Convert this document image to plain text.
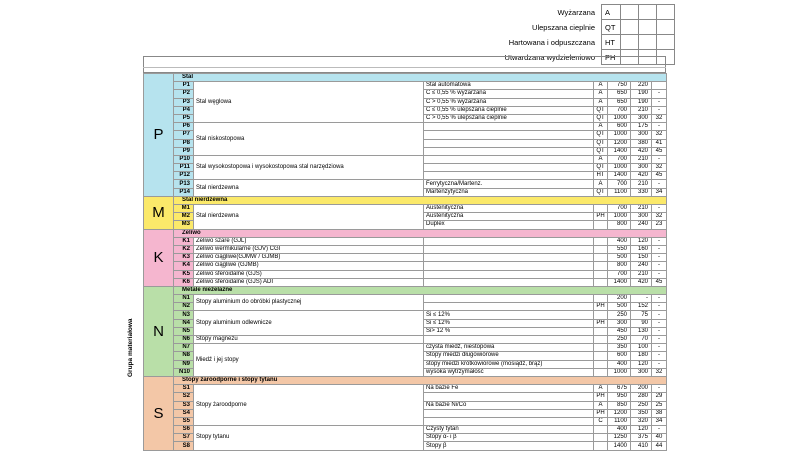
Wyżarzana	A			
Ulepszana cieplnie	QT			
Hartowana i odpuszczana	HT			
Utwardzana wydzieleniowo	PH			
Grupa materiałowa
P	Stal						
	P1	Stal węglowa	Stal automatowa	A	750	220	
	P2		C ≤ 0,55 % wyżarzana	A	650	190	-
	P3		C > 0,55 % wyżarzana	A	650	190	-
	P4		C ≤ 0,55 % ulepszana cieplnie	QT	700	210	-
	P5		C > 0,55 % ulepszana cieplnie	QT	1000	300	32
	P6	Stal niskostopowa		A	600	175	-
	P7			QT	1000	300	32
	P8			QT	1200	380	41
	P9			QT	1400	420	45
	P10	Stal wysokostopowa i wysokostopowa stal narzędziowa		A	700	210	-
	P11			QT	1000	300	32
	P12			HT	1400	420	45
	P13	Stal nierdzewna	Ferrytyczna/Martenz.	A	700	210	-
	P14		Martenzytyczna	QT	1100	330	34
M	Stal nierdzewna						
	M1	Stal nierdzewna	Austenityczna		700	210	-
	M2		Austenityczna	PH	1000	300	32
	M3		Duplex		800	240	23
K	Żeliwo						
	K1	Żeliwo szare (GJL)			400	120	-
	K2	Żeliwo wermikularne (GJV) CGI			550	160	-
	K3	Żeliwo ciągliwe(GJMW / GJMB)			500	150	-
	K4	Żeliwo ciągliwe (GJMB)			800	240	-
	K5	Żeliwo sferoidalne (GJS)			700	210	-
	K6	Żeliwo sferoidalne (GJS) ADI			1400	420	45
N	Metale nieżelazne						
	N1	Stopy aluminium do obróbki plastycznej			200	-	-
	N2			PH	500	152	-
	N3	Stopy aluminium odlewnicze	Si ≤ 12%		250	75	-
	N4		Si ≤ 12%	PH	300	90	-
	N5		Si> 12 %		450	130	-
	N6	Stopy magnezu			250	70	-
	N7	Miedź i jej stopy	czysta miedź, niestopowa		350	100	-
	N8		Stopy miedzi długowiórowe		600	180	-
	N9		stopy miedzi krótkowiórowe (mosiądz, brąz)		400	120	-
	N10		wysoka wytrzymałość		1000	300	32
S	Stopy żaroodporne i stopy tytanu						
	S1	Stopy żaroodporne	Na bazie Fe	A	675	200	-
	S2			PH	950	280	29
	S3		Na bazie Ni/Co	A	850	250	25
	S4			PH	1200	350	38
	S5			C	1100	320	34
	S6	Stopy tytanu	Czysty tytan		400	120	-
	S7		Stopy α- i β		1250	375	40
	S8		Stopy β		1400	410	44
